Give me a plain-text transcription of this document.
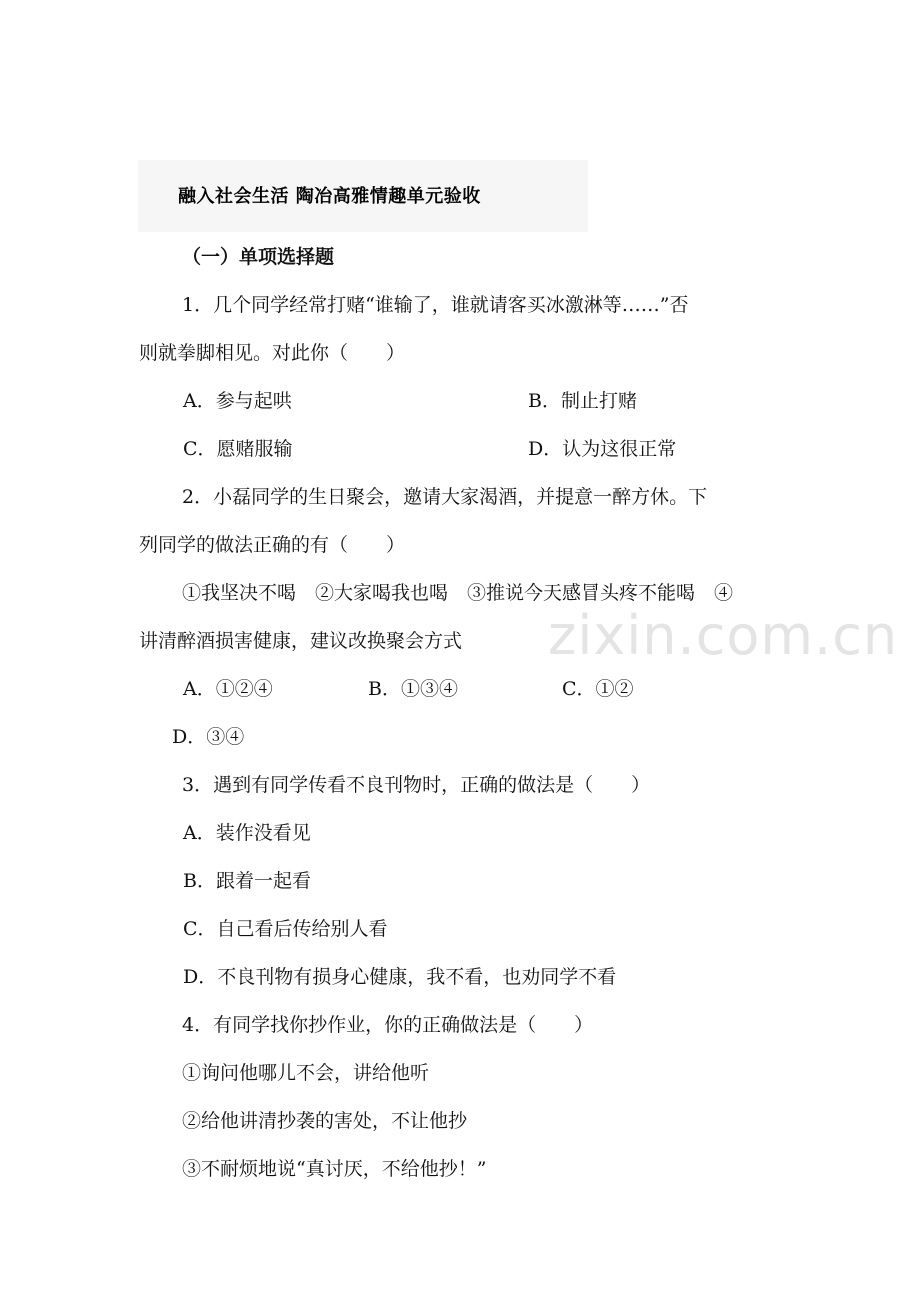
融入社会生活 陶冶高雅情趣单元验收
（一）单项选择题
1．几个同学经常打赌“谁输了，谁就请客买冰激淋等……”否
则就拳脚相见。对此你（　　）
A．参与起哄	B．制止打赌
C．愿赌服输	D．认为这很正常
2．小磊同学的生日聚会，邀请大家渴酒，并提意一醉方休。下
列同学的做法正确的有（　　）
①我坚决不喝　②大家喝我也喝　③推说今天感冒头疼不能喝　④
讲清醉酒损害健康，建议改换聚会方式
A．①②④	B．①③④	C．①②
D．③④
3．遇到有同学传看不良刊物时，正确的做法是（　　）
A．装作没看见
B．跟着一起看
C．自己看后传给别人看
D．不良刊物有损身心健康，我不看，也劝同学不看
4．有同学找你抄作业，你的正确做法是（　　）
①询问他哪儿不会，讲给他听
②给他讲清抄袭的害处，不让他抄
③不耐烦地说“真讨厌，不给他抄！”
zixin.com.cn
